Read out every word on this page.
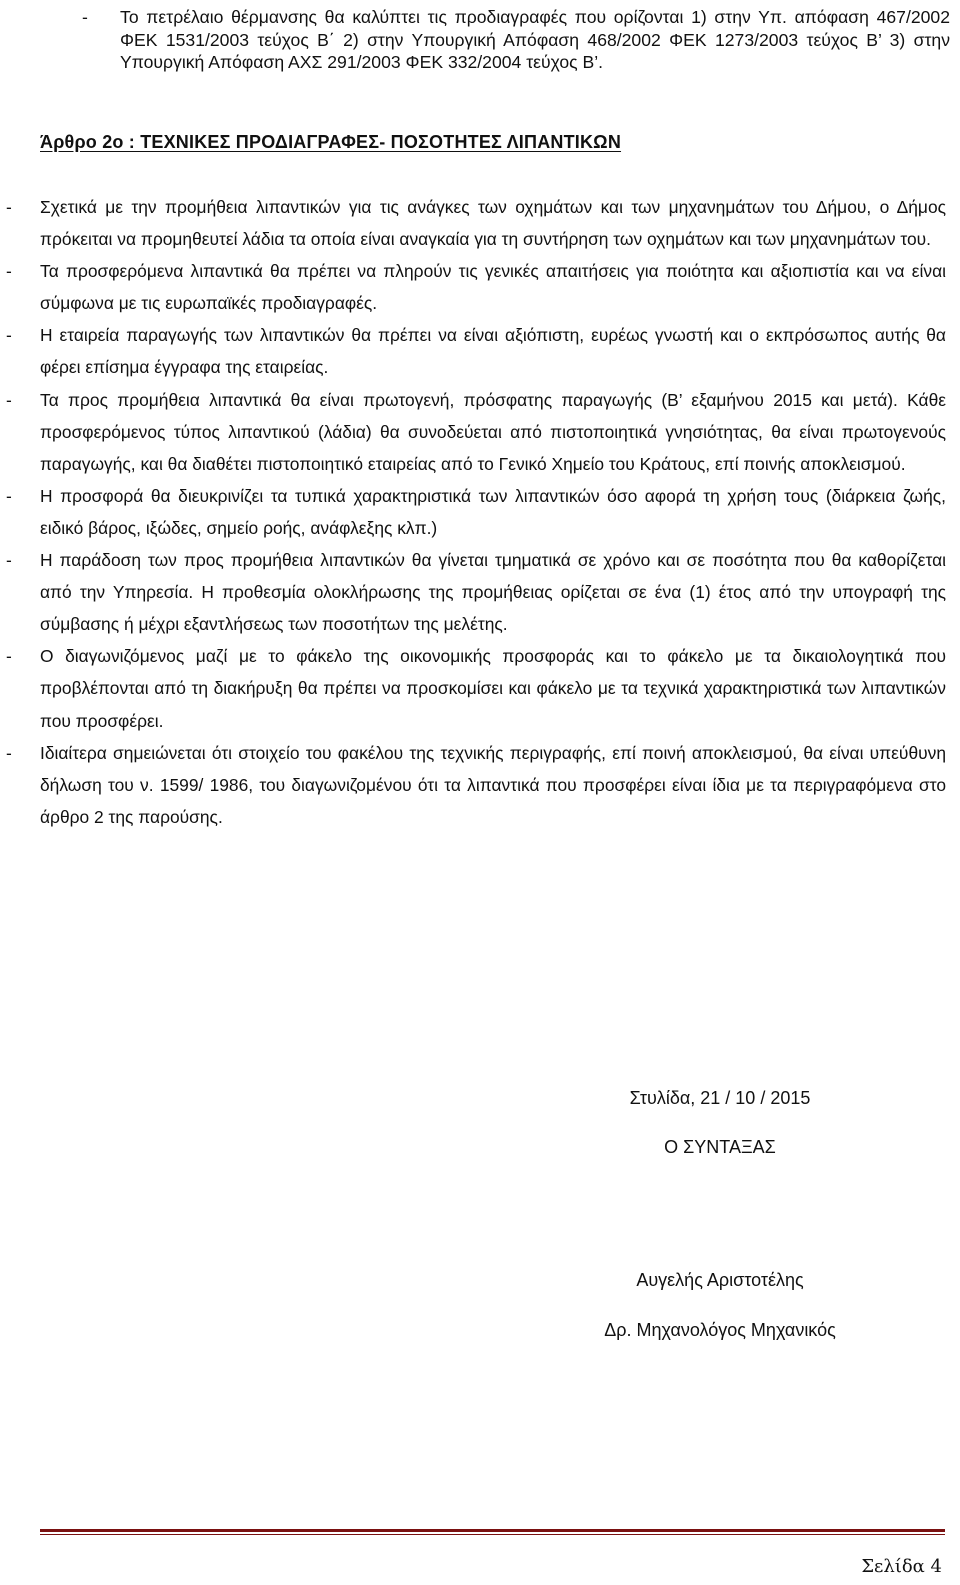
- Το πετρέλαιο θέρμανσης θα καλύπτει τις προδιαγραφές που ορίζονται 1) στην Υπ. απόφαση 467/2002 ΦΕΚ 1531/2003 τεύχος Β΄ 2) στην Υπουργική Απόφαση 468/2002 ΦΕΚ 1273/2003 τεύχος Β’ 3) στην Υπουργική Απόφαση ΑΧΣ 291/2003 ΦΕΚ 332/2004 τεύχος Β’.
Άρθρο 2ο : ΤΕΧΝΙΚΕΣ ΠΡΟΔΙΑΓΡΑΦΕΣ- ΠΟΣΟΤΗΤΕΣ ΛΙΠΑΝΤΙΚΩΝ
- Σχετικά με την προμήθεια λιπαντικών για τις ανάγκες των οχημάτων και των μηχανημάτων του Δήμου, ο Δήμος πρόκειται να προμηθευτεί λάδια τα οποία είναι αναγκαία για τη συντήρηση των οχημάτων και των μηχανημάτων του.
- Τα προσφερόμενα λιπαντικά θα πρέπει να πληρούν τις γενικές απαιτήσεις για ποιότητα και αξιοπιστία και να είναι σύμφωνα με τις ευρωπαϊκές προδιαγραφές.
- Η εταιρεία παραγωγής των λιπαντικών θα πρέπει να είναι αξιόπιστη, ευρέως γνωστή και ο εκπρόσωπος αυτής θα φέρει επίσημα έγγραφα της εταιρείας.
- Τα προς προμήθεια λιπαντικά θα είναι πρωτογενή, πρόσφατης παραγωγής (Β’ εξαμήνου 2015 και μετά). Κάθε προσφερόμενος τύπος λιπαντικού (λάδια) θα συνοδεύεται από πιστοποιητικά γνησιότητας, θα είναι πρωτογενούς παραγωγής, και θα διαθέτει πιστοποιητικό εταιρείας από το Γενικό Χημείο του Κράτους, επί ποινής αποκλεισμού.
- Η προσφορά θα διευκρινίζει τα τυπικά χαρακτηριστικά των λιπαντικών όσο αφορά τη χρήση τους (διάρκεια ζωής, ειδικό βάρος, ιξώδες, σημείο ροής, ανάφλεξης κλπ.)
- Η παράδοση των προς προμήθεια λιπαντικών θα γίνεται τμηματικά σε χρόνο και σε ποσότητα που θα καθορίζεται από την Υπηρεσία. Η προθεσμία ολοκλήρωσης της προμήθειας ορίζεται σε ένα (1) έτος από την υπογραφή της σύμβασης ή μέχρι εξαντλήσεως των ποσοτήτων της μελέτης.
- Ο διαγωνιζόμενος μαζί με το φάκελο της οικονομικής προσφοράς και το φάκελο με τα δικαιολογητικά που προβλέπονται από τη διακήρυξη θα πρέπει να προσκομίσει και φάκελο με τα τεχνικά χαρακτηριστικά των λιπαντικών που προσφέρει.
- Ιδιαίτερα σημειώνεται ότι στοιχείο του φακέλου της τεχνικής περιγραφής, επί ποινή αποκλεισμού, θα είναι υπεύθυνη δήλωση του ν. 1599/ 1986, του διαγωνιζομένου ότι τα λιπαντικά που προσφέρει είναι ίδια με τα περιγραφόμενα στο άρθρο 2 της παρούσης.
Στυλίδα, 21 / 10 / 2015
Ο ΣΥΝΤΑΞΑΣ
Αυγελής Αριστοτέλης
Δρ. Μηχανολόγος Μηχανικός
Σελίδα 4
